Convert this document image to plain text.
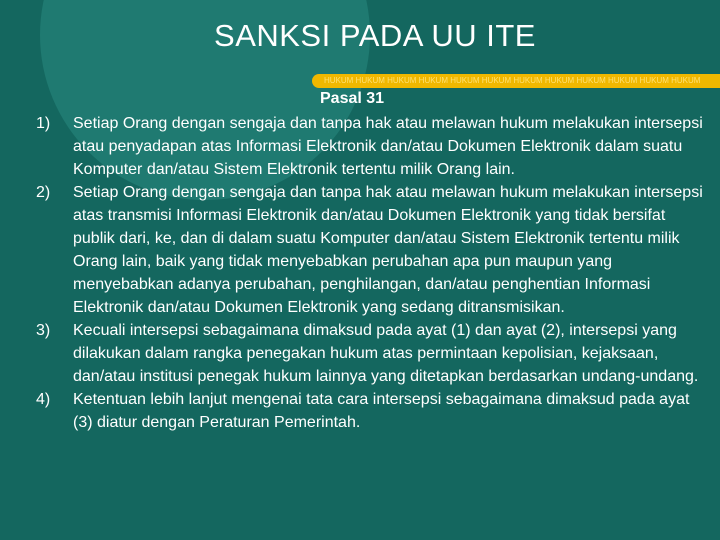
SANKSI PADA UU ITE
HUKUM HUKUM HUKUM HUKUM HUKUM HUKUM HUKUM HUKUM HUKUM HUKUM HUKUM HUKUM
Pasal 31
1)	Setiap Orang dengan sengaja dan tanpa hak atau melawan hukum melakukan intersepsi atau penyadapan atas Informasi Elektronik dan/atau Dokumen Elektronik dalam suatu Komputer dan/atau Sistem Elektronik tertentu milik Orang lain.
2)	Setiap Orang dengan sengaja dan tanpa hak atau melawan hukum melakukan intersepsi atas transmisi Informasi Elektronik dan/atau Dokumen Elektronik yang tidak bersifat publik dari, ke, dan di dalam suatu Komputer dan/atau Sistem Elektronik tertentu milik Orang lain, baik yang tidak menyebabkan perubahan apa pun maupun yang menyebabkan adanya perubahan, penghilangan, dan/atau penghentian Informasi Elektronik dan/atau Dokumen Elektronik yang sedang ditransmisikan.
3)	Kecuali intersepsi sebagaimana dimaksud pada ayat (1) dan ayat (2), intersepsi yang dilakukan dalam rangka penegakan hukum atas permintaan kepolisian, kejaksaan, dan/atau institusi penegak hukum lainnya yang ditetapkan berdasarkan undang-undang.
4)	Ketentuan lebih lanjut mengenai tata cara intersepsi sebagaimana dimaksud pada ayat (3) diatur dengan Peraturan Pemerintah.
